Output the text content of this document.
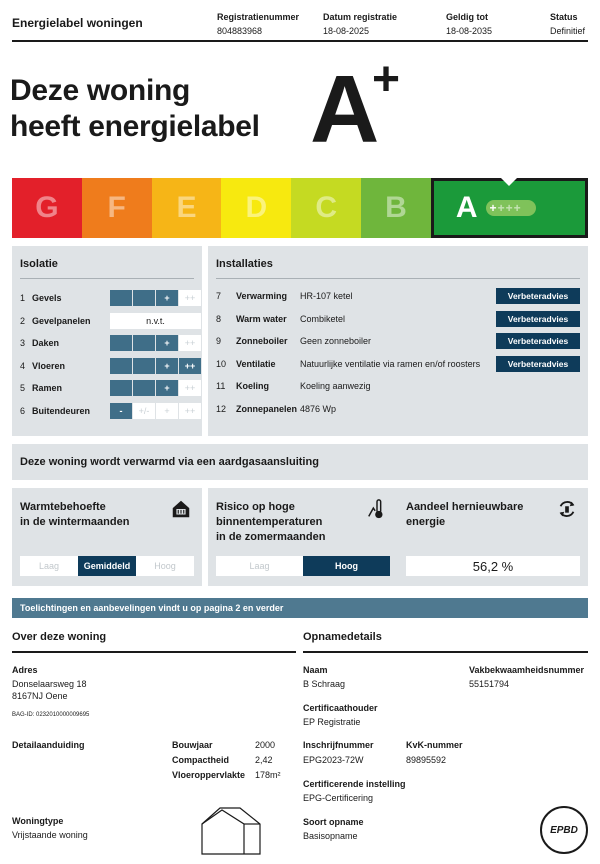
Energielabel woningen	Registratienummer
804883968
Datum registratie
18-08-2025
Geldig tot
18-08-2035
Status
Definitief
Deze woning
heeft energielabel A
+
G F E D C B A + +++
Isolatie
1 Gevels	+	++
2 Gevelpanelen	n.v.t.
3 Daken	+	++
4 Vloeren	+	++
5 Ramen	+	++
6 Buitendeuren	-	+/-	+	++
Installaties
7	Verwarming	HR-107 ketel	Verbeteradvies
8	Warm water	Combiketel	Verbeteradvies
9	Zonneboiler	Geen zonneboiler	Verbeteradvies
10	Ventilatie	Natuurlijke ventilatie via ramen en/of roosters	Verbeteradvies
11	Koeling	Koeling aanwezig
12	Zonnepanelen 4876 Wp
Deze woning wordt verwarmd via een aardgasaansluiting
Warmtebehoefte
in de wintermaanden
Laag	Gemiddeld	Hoog
Risico op hoge
binnentemperaturen
in de zomermaanden
Laag	Hoog
Aandeel hernieuwbare
energie
56,2 %
Toelichtingen en aanbevelingen vindt u op pagina 2 en verder
Over deze woning
Adres
Donselaarsweg 18
8167NJ Oene
BAG-ID: 0232010000009695
Detailaanduiding	Bouwjaar	2000
Compactheid	2,42
Vloeroppervlakte 178m²
Woningtype
Vrijstaande woning
Opnamedetails
Naam
B Schraag
Vakbekwaamheidsnummer
55151794
Certificaathouder
EP Registratie
Inschrijfnummer
EPG2023-72W
KvK-nummer
89895592
Certificerende instelling
EPG-Certificering
Soort opname
Basisopname
EPBD
